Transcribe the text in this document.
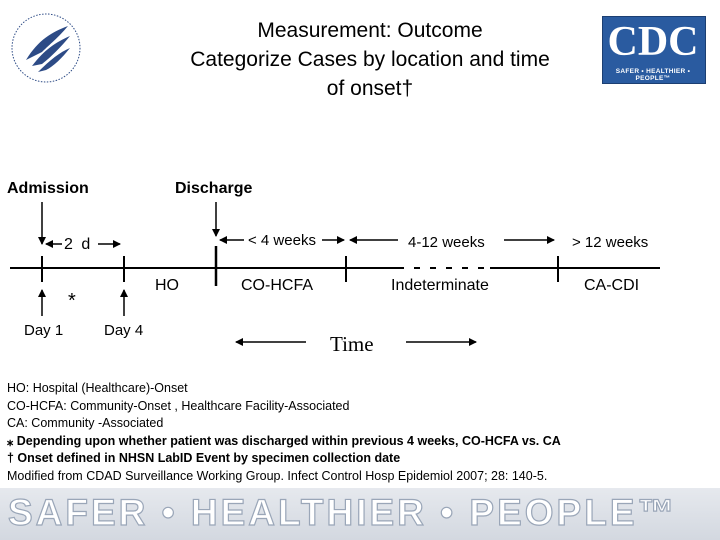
Measurement: Outcome
Categorize Cases by location and time
of onset†
CDC
SAFER • HEALTHIER • PEOPLE™
Admission	Discharge
2 d	< 4 weeks	4-12 weeks	> 12 weeks
HO	CO-HCFA	Indeterminate	CA-CDI
*
Day 1	Day 4
Time
HO: Hospital (Healthcare)-Onset
CO-HCFA: Community-Onset , Healthcare Facility-Associated
CA: Community -Associated
⁎ Depending upon whether patient was discharged within previous 4 weeks, CO-HCFA vs. CA
† Onset defined in NHSN LabID Event by specimen collection date
Modified from CDAD Surveillance Working Group. Infect Control Hosp Epidemiol 2007; 28: 140-5.
SAFER • HEALTHIER • PEOPLE™
